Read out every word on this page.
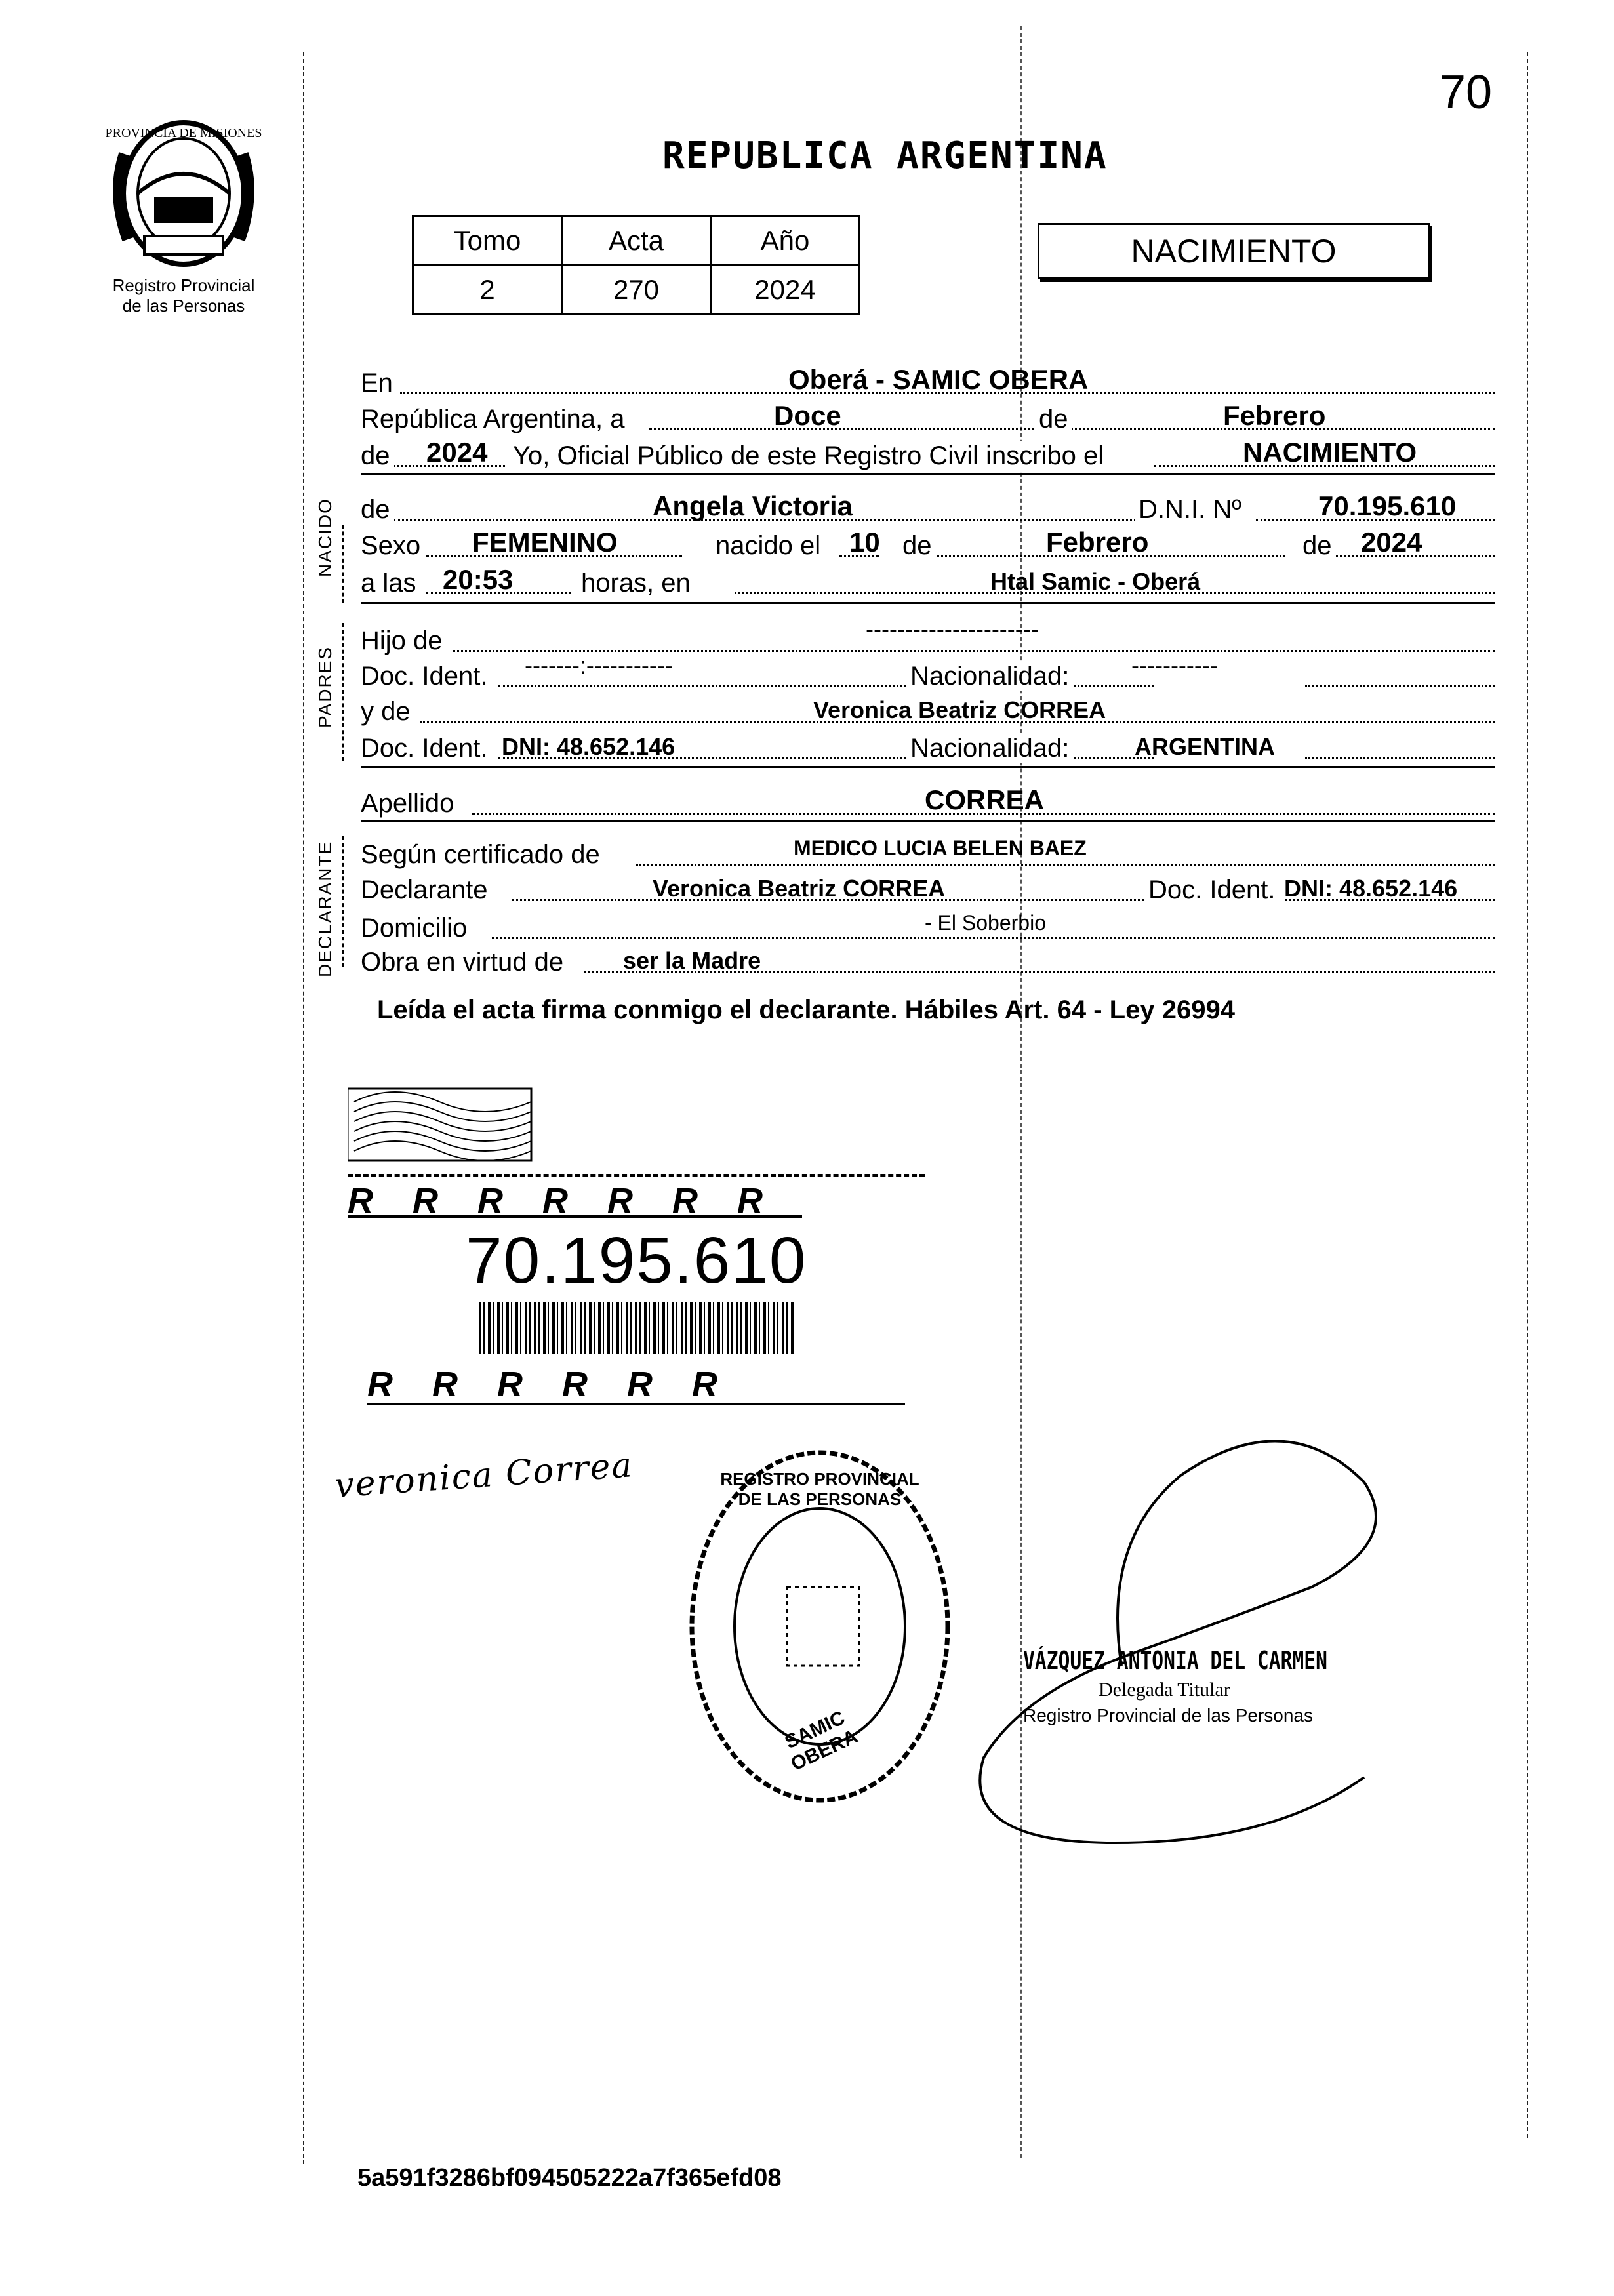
70
PROVINCIA DE MISIONES
Registro Provincial
de las Personas
REPUBLICA ARGENTINA
Tomo	Acta	Año
2	270	2024
NACIMIENTO
NACIDO
PADRES
DECLARANTE
En	Oberá - SAMIC OBERA
República Argentina, a	Doce	de	Febrero
de 2024 Yo, Oficial Público de este Registro Civil inscribo el	NACIMIENTO
de	Angela Victoria	D.N.I. Nº	70.195.610
Sexo FEMENINO	nacido el 10 de	Febrero	de 2024
a las 20:53	horas, en	Htal Samic - Oberá
Hijo de	----------------------
Doc. Ident. -------:-----------	Nacionalidad:	-----------
y de	Veronica Beatriz CORREA
Doc. Ident. DNI: 48.652.146	Nacionalidad:	ARGENTINA
Apellido	CORREA
Según certificado de	MEDICO LUCIA BELEN BAEZ
Declarante	Veronica Beatriz CORREA	Doc. Ident. DNI: 48.652.146
Domicilio	- El Soberbio
Obra en virtud de	ser la Madre
Leída el acta firma conmigo el declarante. Hábiles Art. 64 - Ley 26994
RRRRRRR
70.195.610
RRRRRR
veronica Correa	REGISTRO PROVINCIAL DE LAS PERSONAS
SAMIC OBERA
VÁZQUEZ ANTONIA DEL CARMEN
Delegada Titular
Registro Provincial de las Personas
5a591f3286bf094505222a7f365efd08
